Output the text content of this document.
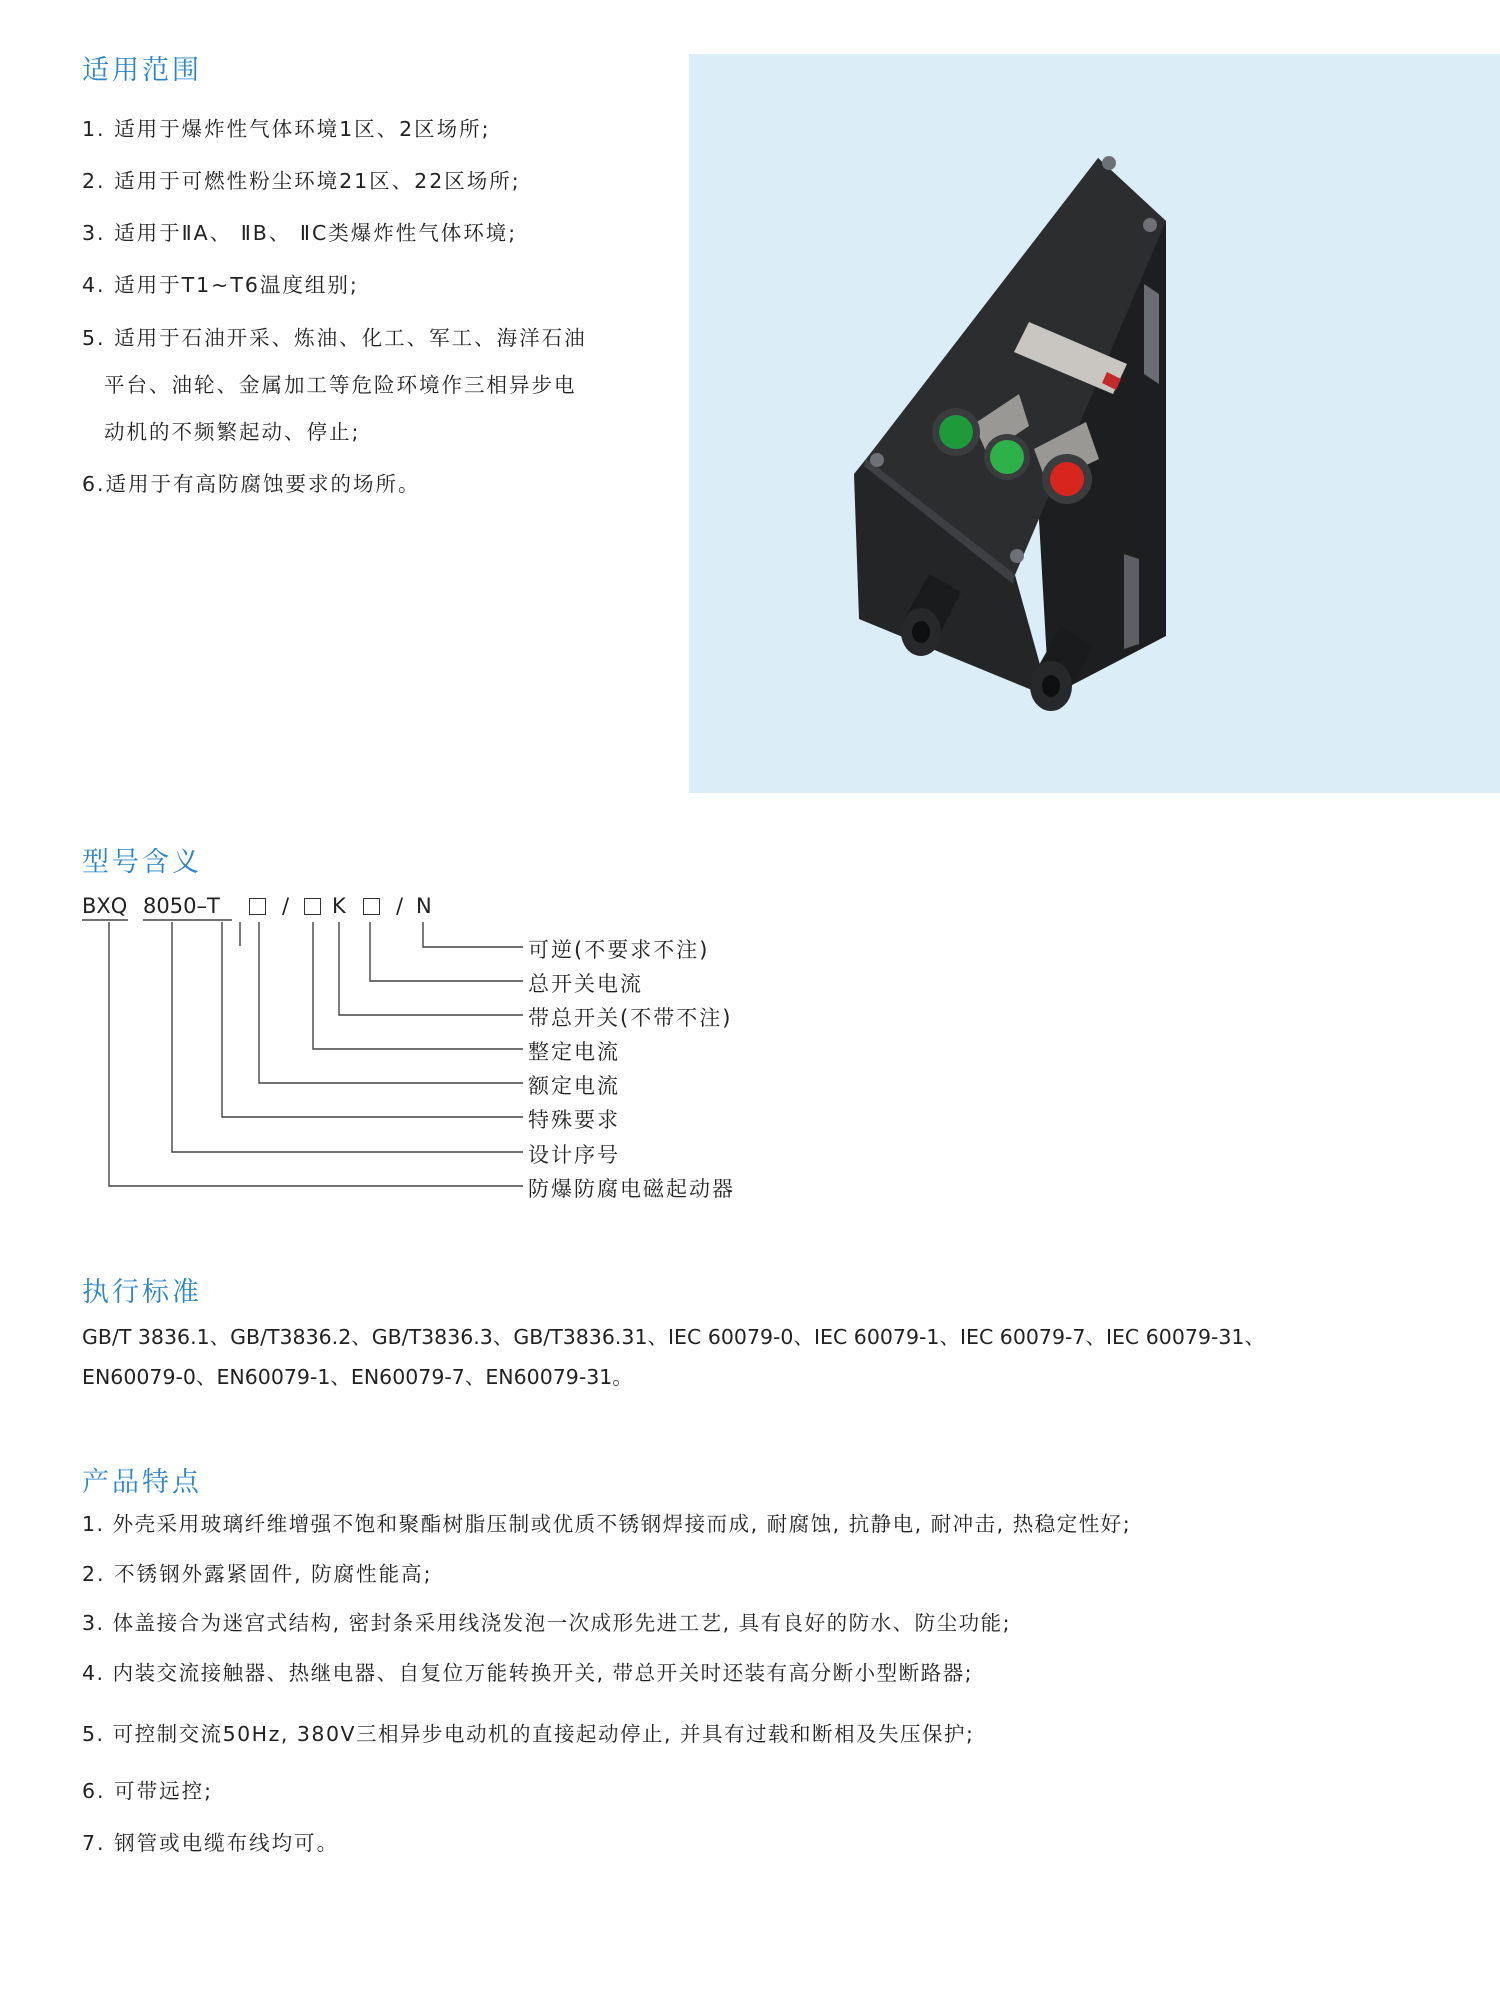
适用范围
1. 适用于爆炸性气体环境1区、2区场所;
2. 适用于可燃性粉尘环境21区、22区场所;
3. 适用于ⅡA、 ⅡB、 ⅡC类爆炸性气体环境;
4. 适用于T1~T6温度组别;
5. 适用于石油开采、炼油、化工、军工、海洋石油
平台、油轮、金属加工等危险环境作三相异步电
动机的不频繁起动、停止;
6.适用于有高防腐蚀要求的场所。
型号含义
BXQ 8050–T	/ K / N
可逆(不要求不注)
总开关电流
带总开关(不带不注)
整定电流
额定电流
特殊要求
设计序号
防爆防腐电磁起动器
执行标准
GB/T 3836.1、GB/T3836.2、GB/T3836.3、GB/T3836.31、IEC 60079-0、IEC 60079-1、IEC 60079-7、IEC 60079-31、
EN60079-0、EN60079-1、EN60079-7、EN60079-31。
产品特点
1. 外壳采用玻璃纤维增强不饱和聚酯树脂压制或优质不锈钢焊接而成, 耐腐蚀, 抗静电, 耐冲击, 热稳定性好;
2. 不锈钢外露紧固件, 防腐性能高;
3. 体盖接合为迷宫式结构, 密封条采用线浇发泡一次成形先进工艺, 具有良好的防水、防尘功能;
4. 内装交流接触器、热继电器、自复位万能转换开关, 带总开关时还装有高分断小型断路器;
5. 可控制交流50Hz, 380V三相异步电动机的直接起动停止, 并具有过载和断相及失压保护;
6. 可带远控;
7. 钢管或电缆布线均可。
